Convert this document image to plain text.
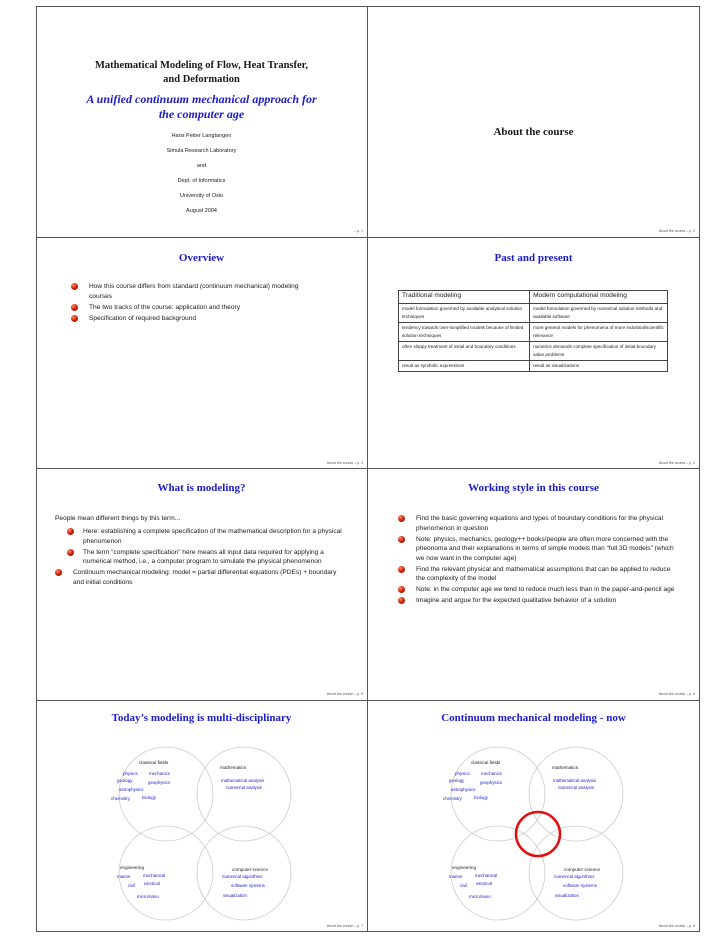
Mathematical Modeling of Flow, Heat Transfer, and Deformation
A unified continuum mechanical approach for the computer age
Hans Petter Langtangen
Simula Research Laboratory
and
Dept. of Informatics
University of Oslo
August 2004
– p. 1
About the course
About the course – p. 2
Overview
How this course differs from standard (continuum mechanical) modeling courses
The two tracks of the course: application and theory
Specification of required background
About the course – p. 3
Past and present
Traditional modeling	Modern computational modeling
model formulation governed by available analytical solution techniques	model formulation governed by numerical solution methods and available software
tendency towards over-simplified models because of limited solution techniques	more general models for phenomena of more industrial/scientific relevance
often sloppy treatment of initial and boundary conditions	numerics demands complete specification of initial-boundary value problems
result as symbolic expressions	result as visualizations
About the course – p. 4
What is modeling?
People mean different things by this term...
Here: establishing a complete specification of the mathematical description for a physical phenomenon
The term “complete specification” here means all input data required for applying a numerical method, i.e., a computer program to simulate the physical phenomenon
Continuum mechanical modeling: model = partial differential equations (PDEs) + boundary and initial conditions
About the course – p. 5
Working style in this course
Find the basic governing equations and types of boundary conditions for the physical phenomenon in question
Note: physics, mechanics, geology++ books/people are often more concerned with the pheonoma and their explanations in terms of simple models than “full 3D models” (which we now want in the computer age)
Find the relevant physical and mathematical assumptions that can be applied to reduce the complexity of the model
Note: in the computer age we tend to reduce much less than in the paper-and-pencil age
Imagine and argue for the expected qualitative behavior of a solution
About the course – p. 6
Today’s modeling is multi-disciplinary
classical fields
mathematics
engineering	computer science
physics	mechanics
geology	geophysics
astrophysics
chemistry	biology
mathematical analysis
numerical analysis
marine	mechanical
civil electical
micro/nano
numerical algorithms
software systems
visualization
About the course – p. 7
Continuum mechanical modeling - now
classical fields
mathematics
engineering	computer science
physics	mechanics
geology	geophysics
astrophysics
chemistry	biology
mathematical analysis
numerical analysis
marine	mechanical
civil electical
micro/nano
numerical algorithms
software systems
visualization
About the course – p. 8
